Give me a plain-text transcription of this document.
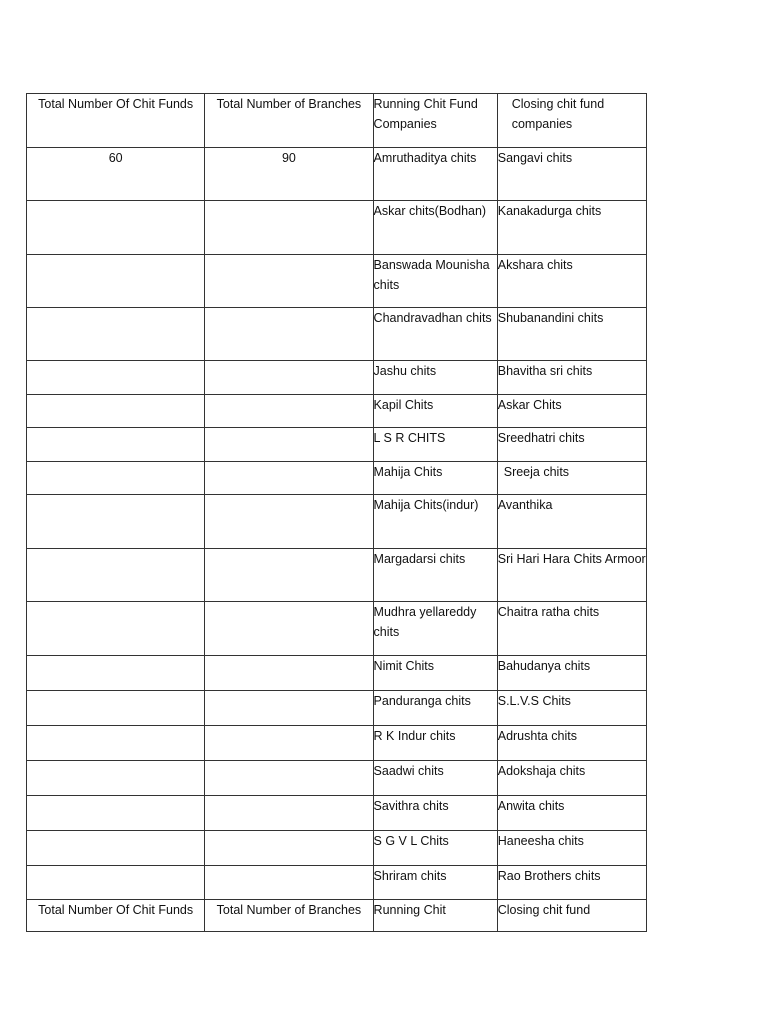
Total Number Of Chit Funds	Total Number of Branches	Running Chit Fund Companies	Closing chit fund companies
60	90	Amruthaditya chits	Sangavi chits
		Askar chits(Bodhan)	Kanakadurga chits
		Banswada Mounisha chits	Akshara chits
		Chandravadhan chits	Shubanandini chits
		Jashu chits	Bhavitha sri chits
		Kapil Chits	Askar Chits
		L S R CHITS	Sreedhatri chits
		Mahija Chits	Sreeja chits
		Mahija Chits(indur)	Avanthika
		Margadarsi chits	Sri Hari Hara Chits Armoor
		Mudhra yellareddy chits	Chaitra ratha chits
		Nimit Chits	Bahudanya chits
		Panduranga chits	S.L.V.S Chits
		R K Indur chits	Adrushta chits
		Saadwi chits	Adokshaja chits
		Savithra chits	Anwita chits
		S G V L Chits	Haneesha chits
		Shriram chits	Rao Brothers chits
Total Number Of Chit Funds	Total Number of Branches	Running Chit	Closing chit fund
